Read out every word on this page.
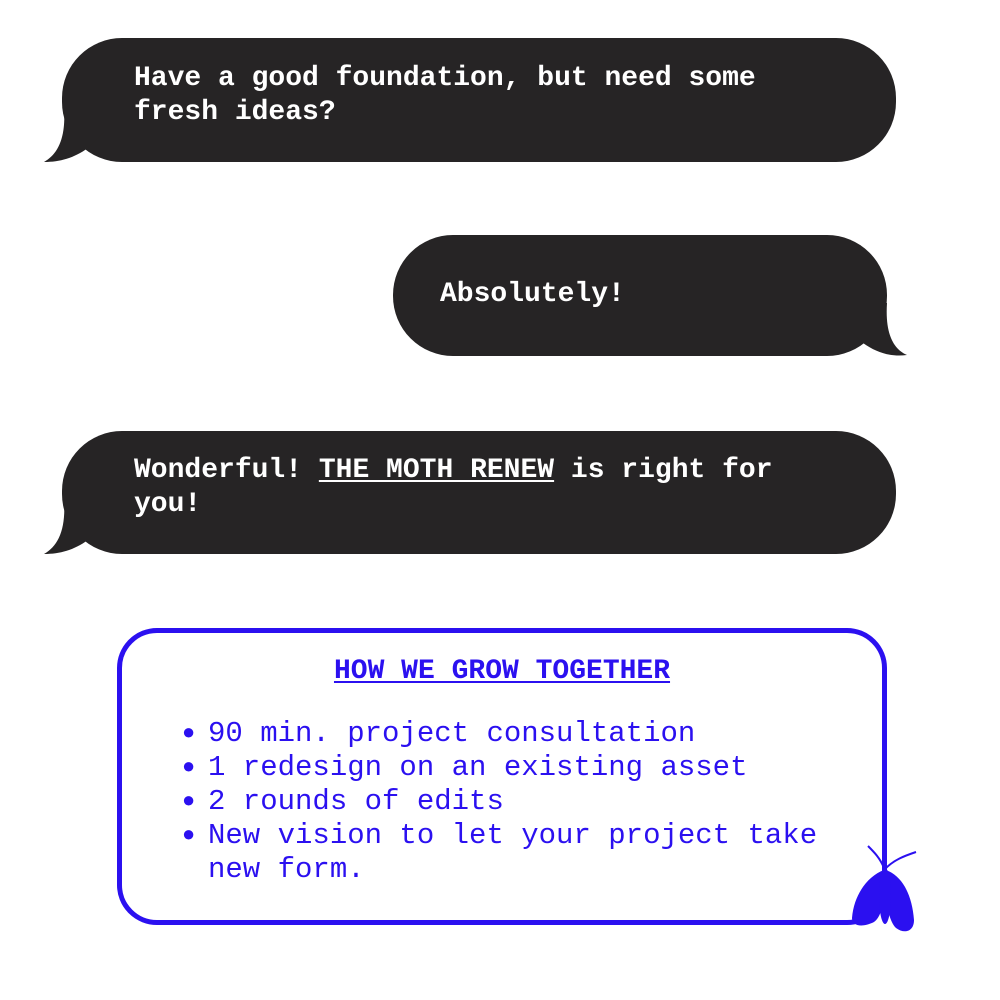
Have a good foundation, but need some fresh ideas?
Absolutely!
Wonderful! THE MOTH RENEW is right for you!
HOW WE GROW TOGETHER
● 90 min. project consultation
● 1 redesign on an existing asset
● 2 rounds of edits
● New vision to let your project take new form.
